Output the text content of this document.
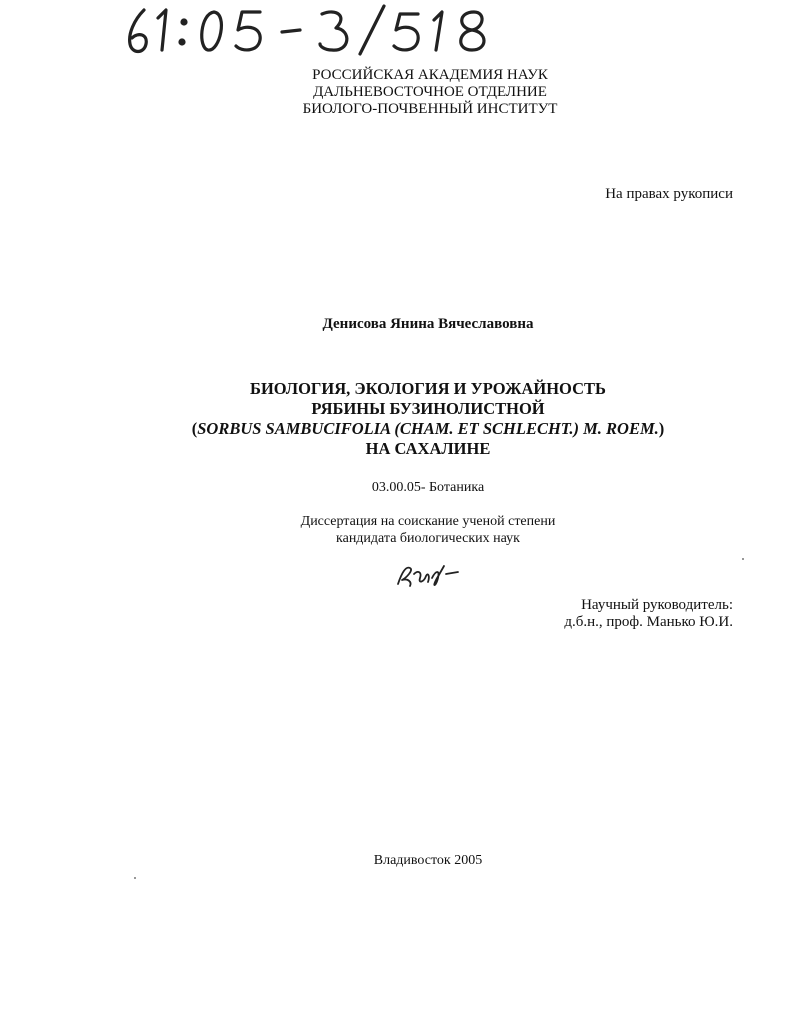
РОССИЙСКАЯ АКАДЕМИЯ НАУК
ДАЛЬНЕВОСТОЧНОЕ ОТДЕЛНИЕ
БИОЛОГО-ПОЧВЕННЫЙ ИНСТИТУТ
На правах рукописи
Денисова Янина Вячеславовна
БИОЛОГИЯ, ЭКОЛОГИЯ И УРОЖАЙНОСТЬ
РЯБИНЫ БУЗИНОЛИСТНОЙ
(SORBUS SAMBUCIFOLIA (CHAM. ET SCHLECHT.) M. ROEM.)
НА САХАЛИНЕ
03.00.05- Ботаника
Диссертация на соискание ученой степени
кандидата биологических наук
Научный руководитель:
д.б.н., проф. Манько Ю.И.
Владивосток 2005
